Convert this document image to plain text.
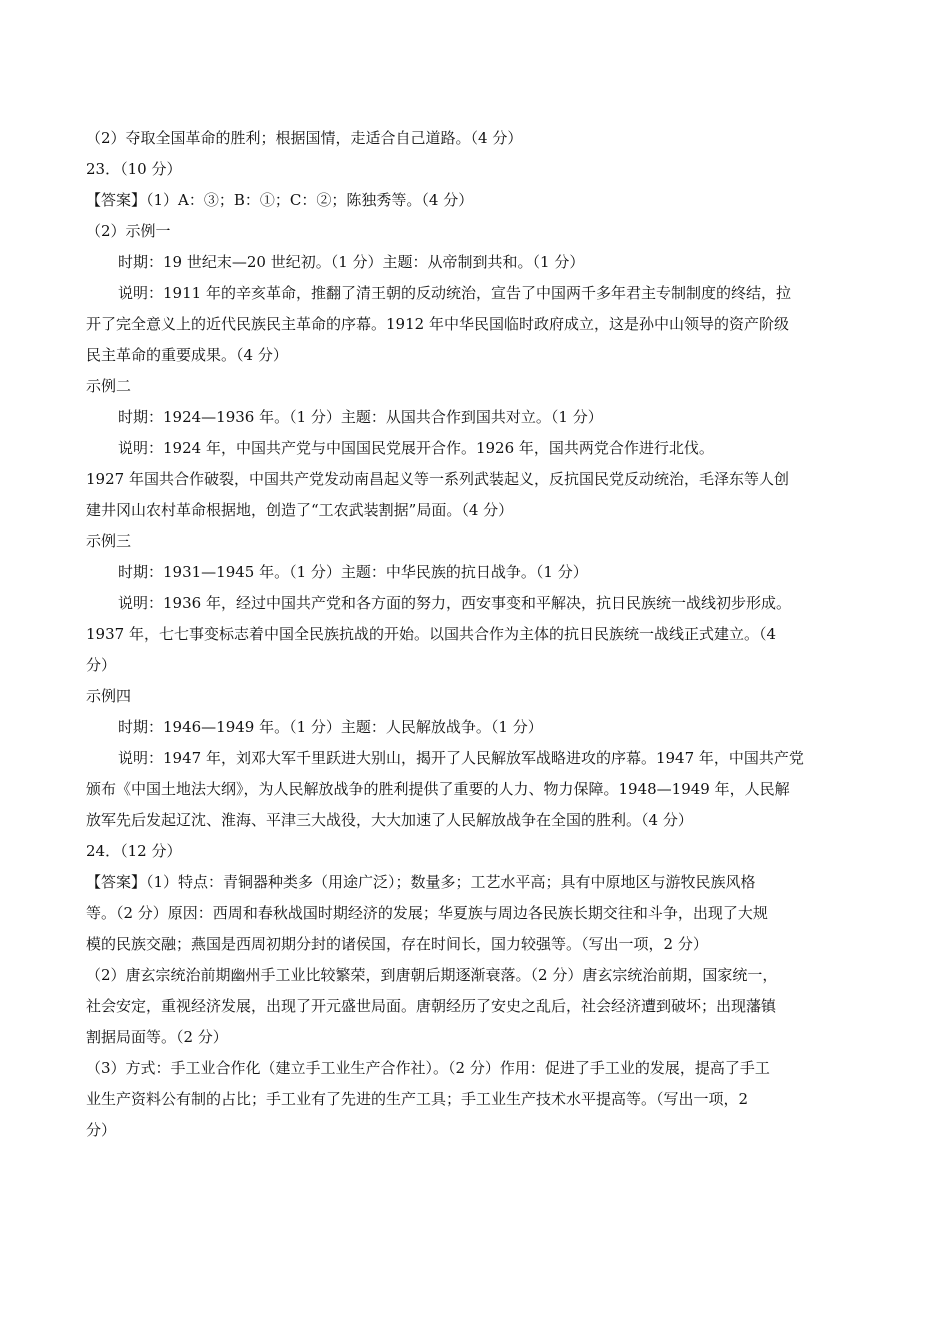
（2）夺取全国革命的胜利；根据国情，走适合自己道路。（4 分）
23．（10 分）
【答案】（1）A：③；B：①；C：②；陈独秀等。（4 分）
（2）示例一
时期：19 世纪末—20 世纪初。（1 分）主题：从帝制到共和。（1 分）
说明：1911 年的辛亥革命，推翻了清王朝的反动统治，宣告了中国两千多年君主专制制度的终结，拉
开了完全意义上的近代民族民主革命的序幕。1912 年中华民国临时政府成立，这是孙中山领导的资产阶级
民主革命的重要成果。（4 分）
示例二
时期：1924—1936 年。（1 分）主题：从国共合作到国共对立。（1 分）
说明：1924 年，中国共产党与中国国民党展开合作。1926 年，国共两党合作进行北伐。
1927 年国共合作破裂，中国共产党发动南昌起义等一系列武装起义，反抗国民党反动统治，毛泽东等人创
建井冈山农村革命根据地，创造了“工农武装割据”局面。（4 分）
示例三
时期：1931—1945 年。（1 分）主题：中华民族的抗日战争。（1 分）
说明：1936 年，经过中国共产党和各方面的努力，西安事变和平解决，抗日民族统一战线初步形成。
1937 年，七七事变标志着中国全民族抗战的开始。以国共合作为主体的抗日民族统一战线正式建立。（4
分）
示例四
时期：1946—1949 年。（1 分）主题：人民解放战争。（1 分）
说明：1947 年，刘邓大军千里跃进大别山，揭开了人民解放军战略进攻的序幕。1947 年，中国共产党
颁布《中国土地法大纲》，为人民解放战争的胜利提供了重要的人力、物力保障。1948—1949 年，人民解
放军先后发起辽沈、淮海、平津三大战役，大大加速了人民解放战争在全国的胜利。（4 分）
24．（12 分）
【答案】（1）特点：青铜器种类多（用途广泛）；数量多；工艺水平高；具有中原地区与游牧民族风格
等。（2 分）原因：西周和春秋战国时期经济的发展；华夏族与周边各民族长期交往和斗争，出现了大规
模的民族交融；燕国是西周初期分封的诸侯国，存在时间长，国力较强等。（写出一项，2 分）
（2）唐玄宗统治前期幽州手工业比较繁荣，到唐朝后期逐渐衰落。（2 分）唐玄宗统治前期，国家统一，
社会安定，重视经济发展，出现了开元盛世局面。唐朝经历了安史之乱后，社会经济遭到破坏；出现藩镇
割据局面等。（2 分）
（3）方式：手工业合作化（建立手工业生产合作社）。（2 分）作用：促进了手工业的发展，提高了手工
业生产资料公有制的占比；手工业有了先进的生产工具；手工业生产技术水平提高等。（写出一项，2
分）
